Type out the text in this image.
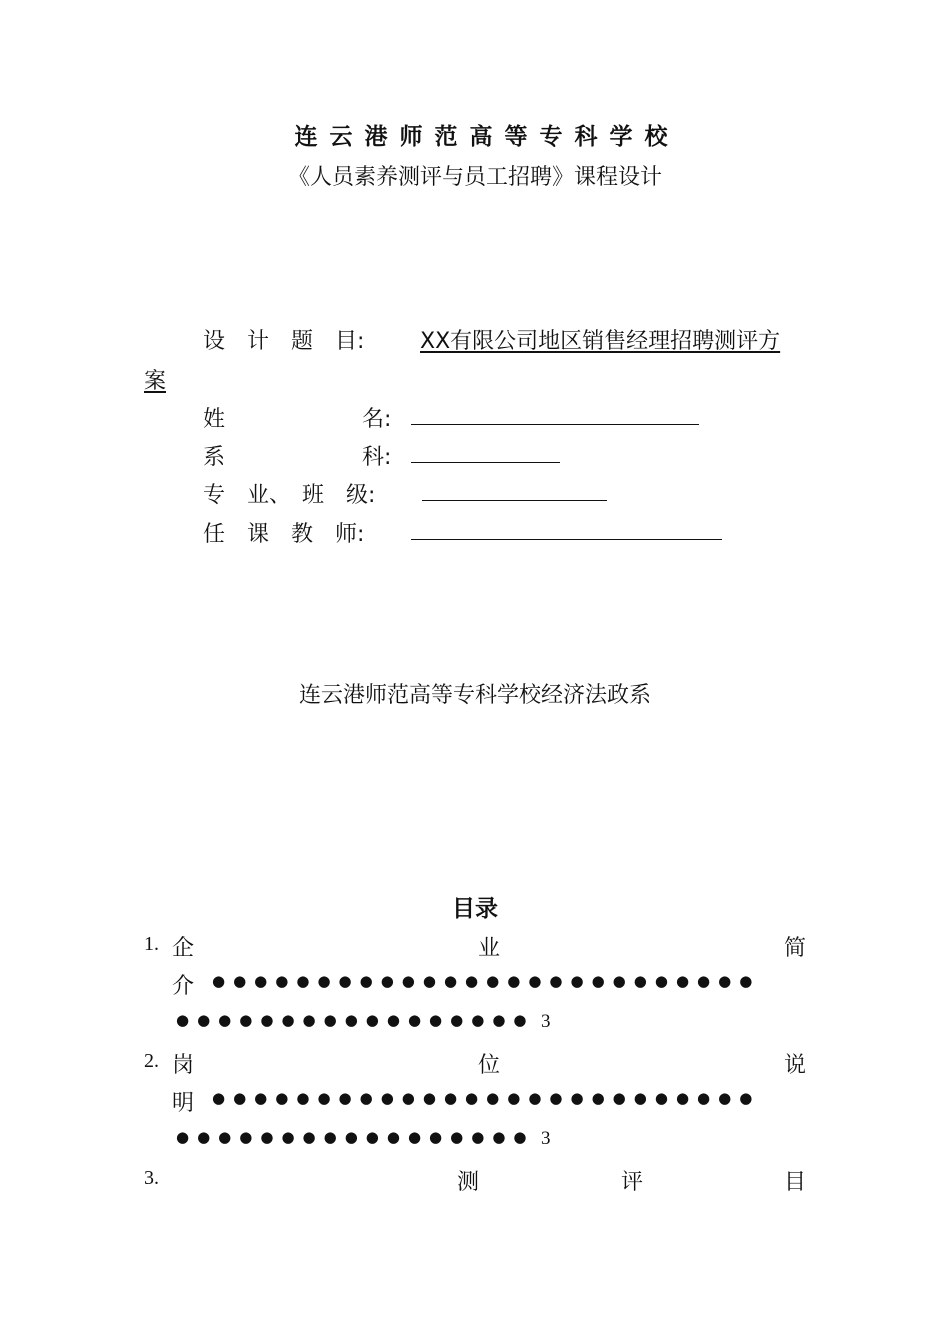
连云港师范高等专科学校
《人员素养测评与员工招聘》课程设计
设　计　题　目:	XX有限公司地区销售经理招聘测评方
案
姓	名:
系	科:
专　业、　班　级:
任　课　教　师:
连云港师范高等专科学校经济法政系
目录
1. 企	业	简
介 ●●●●●●●●●●●●●●●●●●●●●●●●●●
●●●●●●●●●●●●●●●●● 3
2. 岗	位	说
明 ●●●●●●●●●●●●●●●●●●●●●●●●●●
●●●●●●●●●●●●●●●●● 3
3.	测	评	目
